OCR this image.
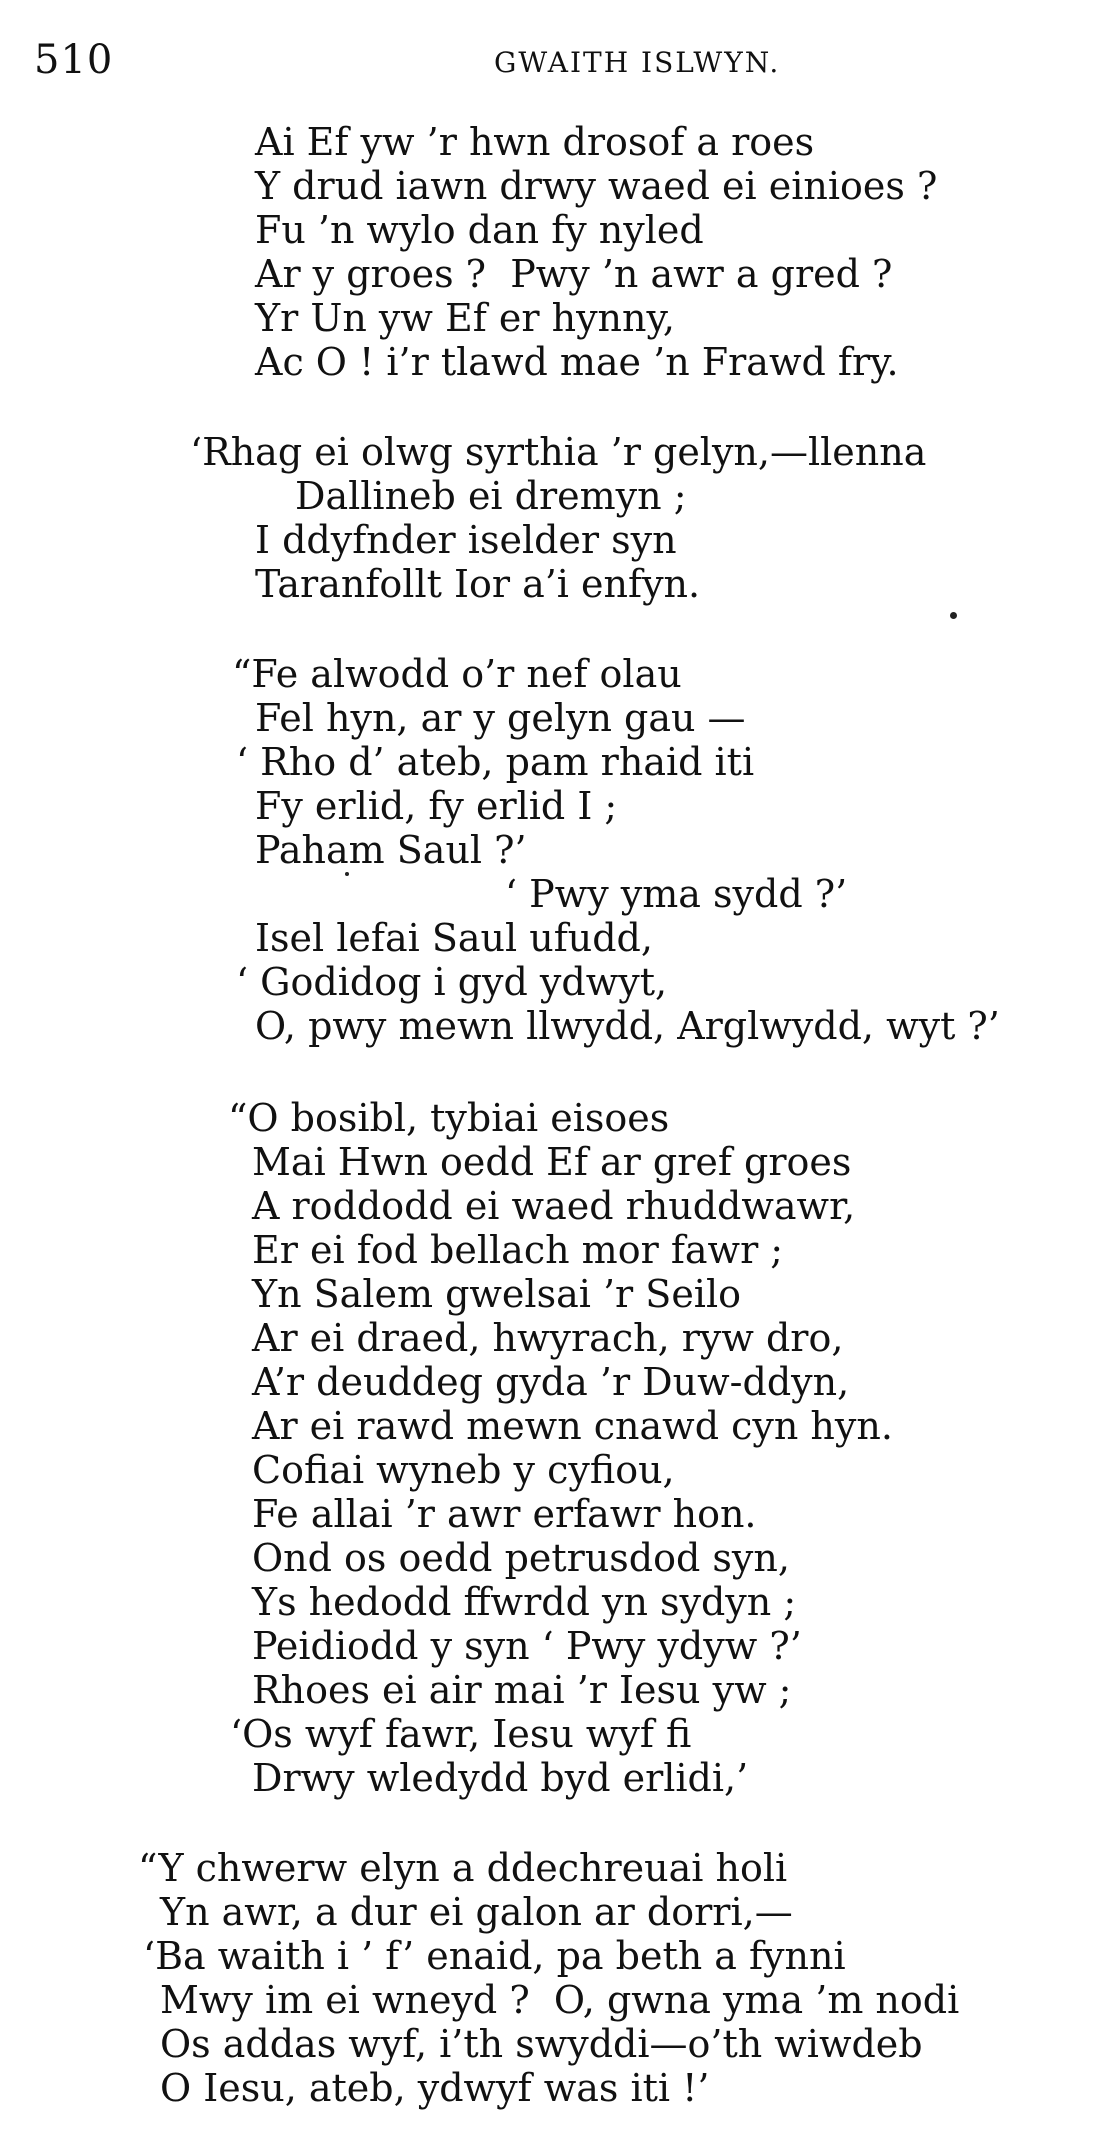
510	GWAITH ISLWYN.
Ai Ef yw ’r hwn drosof a roes
Y drud iawn drwy waed ei einioes ?
Fu ’n wylo dan fy nyled
Ar y groes ?  Pwy ’n awr a gred ?
Yr Un yw Ef er hynny,
Ac O ! i’r tlawd mae ’n Frawd fry.
‘Rhag ei olwg syrthia ’r gelyn,—llenna
Dallineb ei dremyn ;
I ddyfnder iselder syn
Taranfollt Ior a’i enfyn.
“Fe alwodd o’r nef olau
Fel hyn, ar y gelyn gau —
‘ Rho d’ ateb, pam rhaid iti
Fy erlid, fy erlid I ;
Paham Saul ?’
‘ Pwy yma sydd ?’
Isel lefai Saul ufudd,
‘ Godidog i gyd ydwyt,
O, pwy mewn llwydd, Arglwydd, wyt ?’
“O bosibl, tybiai eisoes
Mai Hwn oedd Ef ar gref groes
A roddodd ei waed rhuddwawr,
Er ei fod bellach mor fawr ;
Yn Salem gwelsai ’r Seilo
Ar ei draed, hwyrach, ryw dro,
A’r deuddeg gyda ’r Duw-ddyn,
Ar ei rawd mewn cnawd cyn hyn.
Cofiai wyneb y cyfiou,
Fe allai ’r awr erfawr hon.
Ond os oedd petrusdod syn,
Ys hedodd ffwrdd yn sydyn ;
Peidiodd y syn ‘ Pwy ydyw ?’
Rhoes ei air mai ’r Iesu yw ;
‘Os wyf fawr, Iesu wyf fi
Drwy wledydd byd erlidi,’
“Y chwerw elyn a ddechreuai holi
Yn awr, a dur ei galon ar dorri,—
‘Ba waith i ’ f’ enaid, pa beth a fynni
Mwy im ei wneyd ?  O, gwna yma ’m nodi
Os addas wyf, i’th swyddi—o’th wiwdeb
O Iesu, ateb, ydwyf was iti !’
